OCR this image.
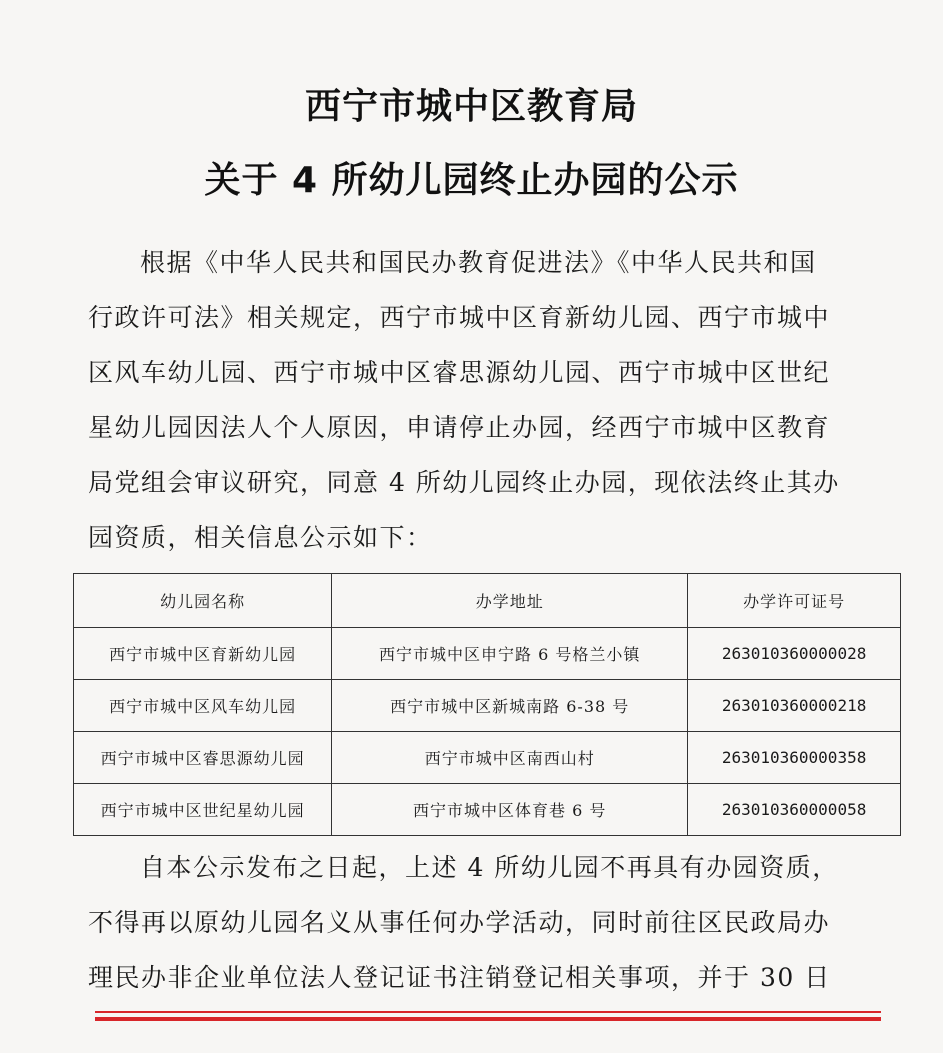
西宁市城中区教育局
关于 4 所幼儿园终止办园的公示
根据《中华人民共和国民办教育促进法》《中华人民共和国
行政许可法》相关规定，西宁市城中区育新幼儿园、西宁市城中
区风车幼儿园、西宁市城中区睿思源幼儿园、西宁市城中区世纪
星幼儿园因法人个人原因，申请停止办园，经西宁市城中区教育
局党组会审议研究，同意 4 所幼儿园终止办园，现依法终止其办
园资质，相关信息公示如下：
幼儿园名称	办学地址	办学许可证号
西宁市城中区育新幼儿园	西宁市城中区申宁路 6 号格兰小镇	263010360000028
西宁市城中区风车幼儿园	西宁市城中区新城南路 6-38 号	263010360000218
西宁市城中区睿思源幼儿园	西宁市城中区南西山村	263010360000358
西宁市城中区世纪星幼儿园	西宁市城中区体育巷 6 号	263010360000058
自本公示发布之日起，上述 4 所幼儿园不再具有办园资质，
不得再以原幼儿园名义从事任何办学活动，同时前往区民政局办
理民办非企业单位法人登记证书注销登记相关事项，并于 30 日
